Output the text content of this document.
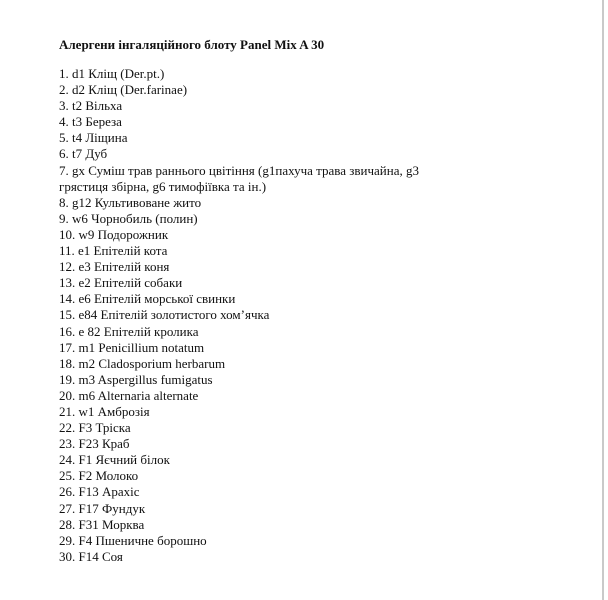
Алергени інгаляційного блоту Panel Mix A 30
1. d1 Кліщ (Der.pt.)
2. d2 Кліщ (Der.farinae)
3. t2 Вільха
4. t3 Береза
5. t4 Ліщина
6. t7 Дуб
7. gx Суміш трав раннього цвітіння (g1пахуча трава звичайна, g3 грястиця збірна, g6 тимофіївка та ін.)
8. g12 Культивоване жито
9. w6 Чорнобиль (полин)
10. w9 Подорожник
11. e1 Епітелій кота
12. e3 Епітелій коня
13. e2 Епітелій собаки
14. e6 Епітелій морської свинки
15. e84 Епітелій золотистого хом’ячка
16. e 82 Епітелій кролика
17. m1 Penicillium notatum
18. m2 Cladosporium herbarum
19. m3 Aspergillus fumigatus
20. m6 Alternaria alternate
21. w1 Амброзія
22. F3 Тріска
23. F23 Краб
24. F1 Яєчний білок
25. F2 Молоко
26. F13 Арахіс
27. F17 Фундук
28. F31 Морква
29. F4 Пшеничне борошно
30. F14 Соя
